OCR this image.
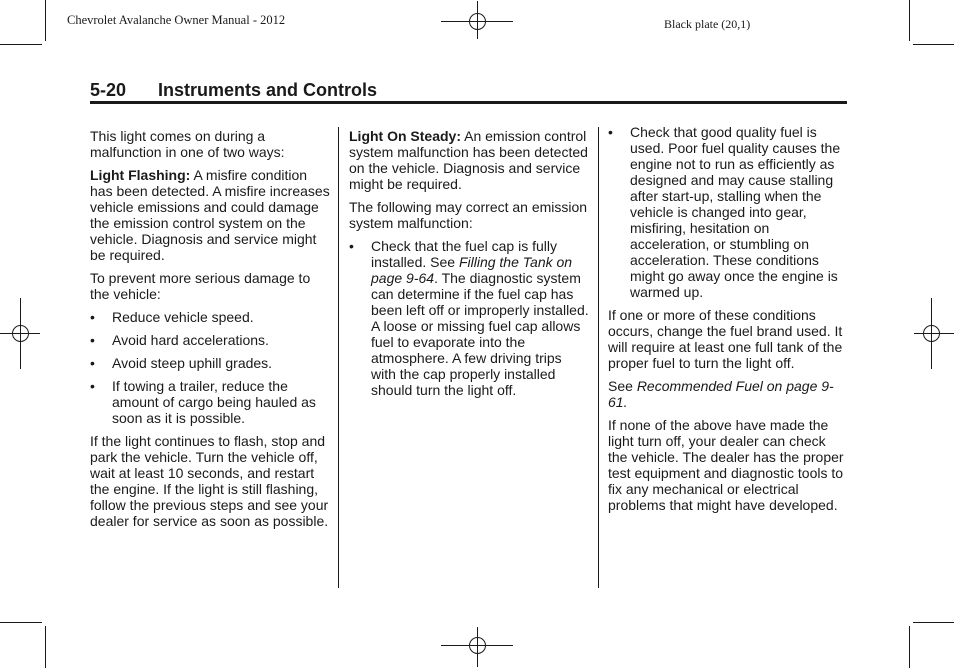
Chevrolet Avalanche Owner Manual - 2012	Black plate (20,1)
5-20 Instruments and Controls

This light comes on during a malfunction in one of two ways:

Light Flashing: A misfire condition has been detected. A misfire increases vehicle emissions and could damage the emission control system on the vehicle. Diagnosis and service might be required.

To prevent more serious damage to the vehicle:

• Reduce vehicle speed.
• Avoid hard accelerations.
• Avoid steep uphill grades.
• If towing a trailer, reduce the amount of cargo being hauled as soon as it is possible.

If the light continues to flash, stop and park the vehicle. Turn the vehicle off, wait at least 10 seconds, and restart the engine. If the light is still flashing, follow the previous steps and see your dealer for service as soon as possible.

Light On Steady: An emission control system malfunction has been detected on the vehicle. Diagnosis and service might be required.

The following may correct an emission system malfunction:

• Check that the fuel cap is fully installed. See Filling the Tank on page 9-64. The diagnostic system can determine if the fuel cap has been left off or improperly installed. A loose or missing fuel cap allows fuel to evaporate into the atmosphere. A few driving trips with the cap properly installed should turn the light off.
• Check that good quality fuel is used. Poor fuel quality causes the engine not to run as efficiently as designed and may cause stalling after start-up, stalling when the vehicle is changed into gear, misfiring, hesitation on acceleration, or stumbling on acceleration. These conditions might go away once the engine is warmed up.

If one or more of these conditions occurs, change the fuel brand used. It will require at least one full tank of the proper fuel to turn the light off.

See Recommended Fuel on page 9-61.

If none of the above have made the light turn off, your dealer can check the vehicle. The dealer has the proper test equipment and diagnostic tools to fix any mechanical or electrical problems that might have developed.
